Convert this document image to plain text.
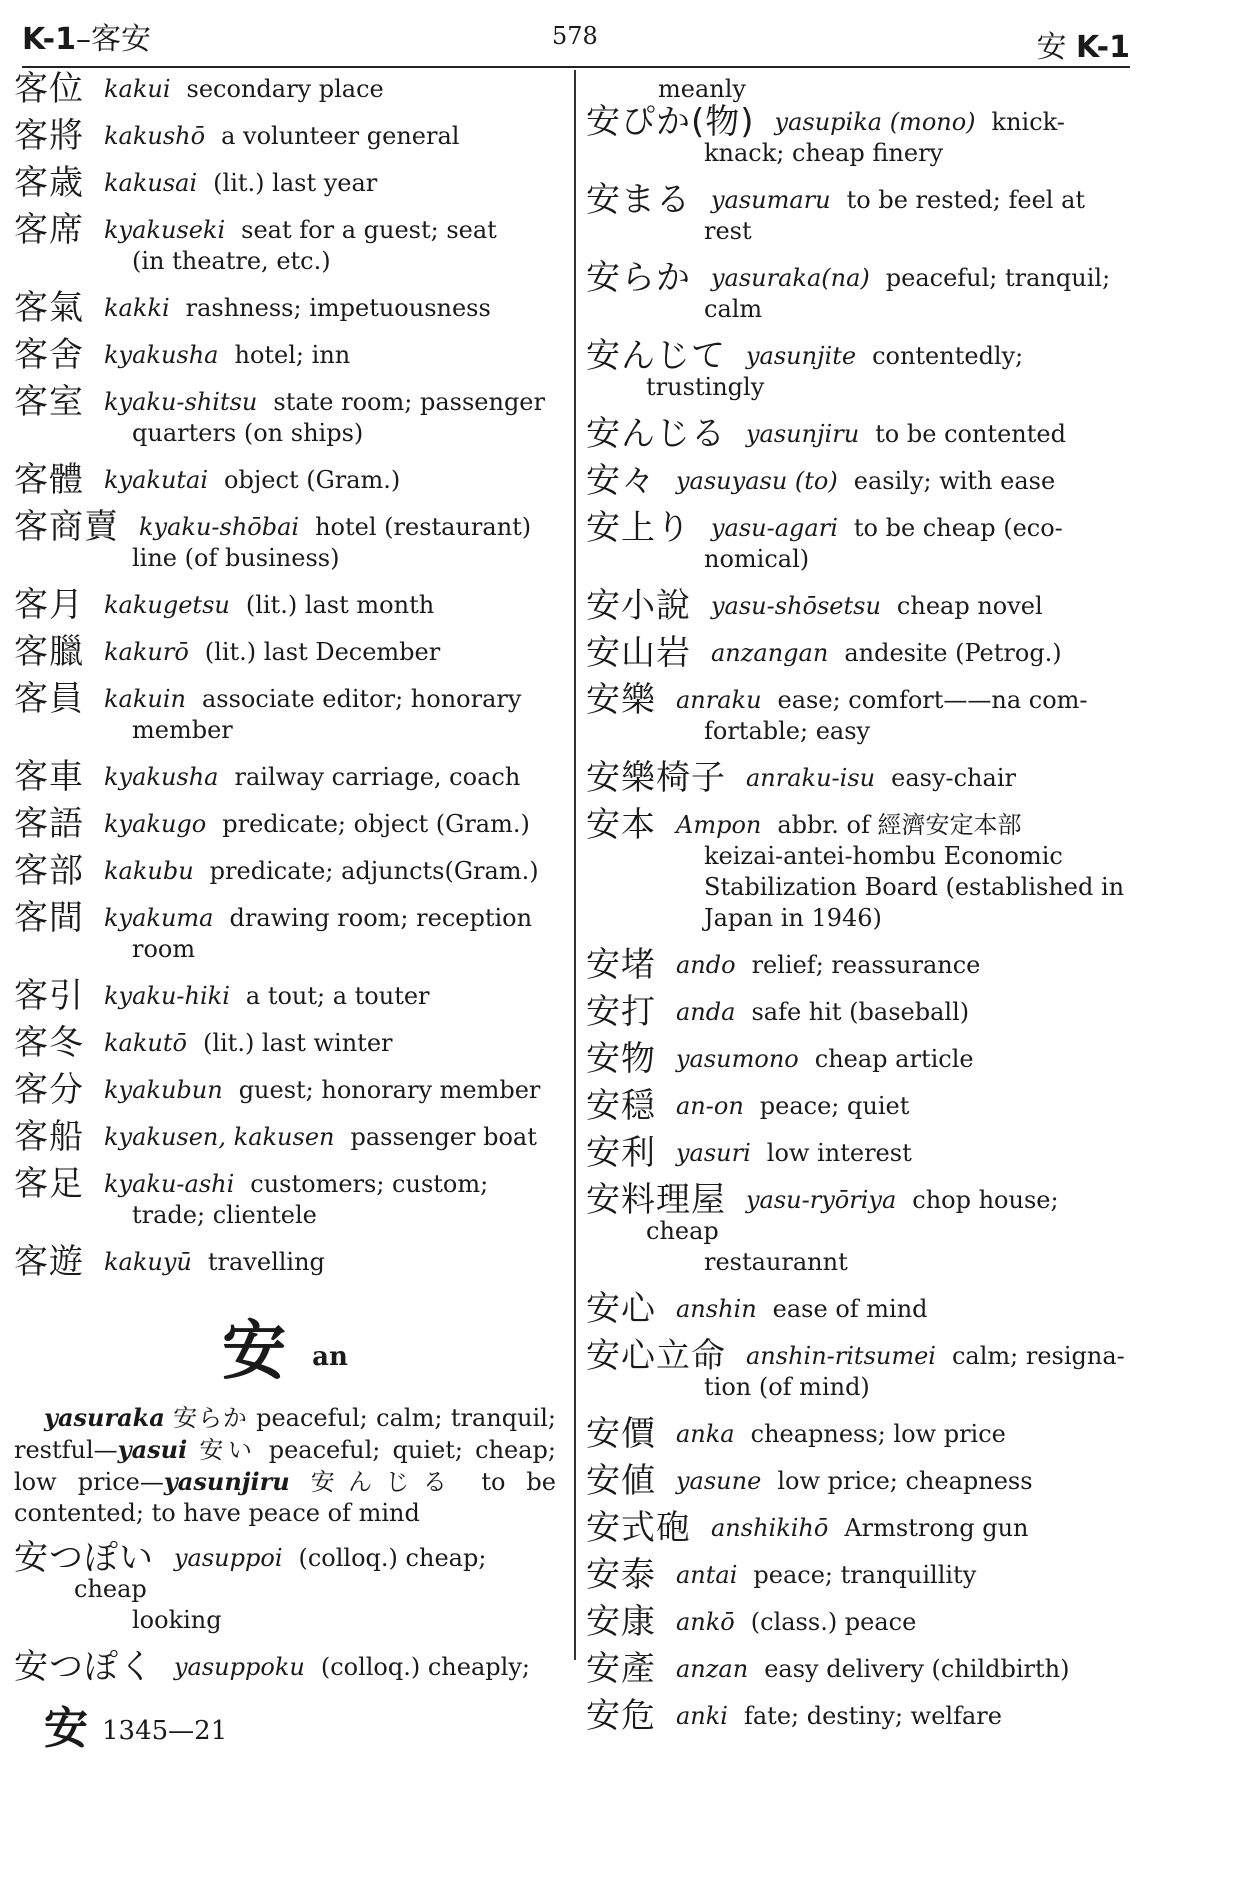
K-1–客安	578	安 K-1

客位 kakui secondary place

客將 kakushō a volunteer general

客歳 kakusai (lit.) last year

客席 kyakuseki seat for a guest; seat
(in theatre, etc.)

客氣 kakki rashness; impetuousness

客舍 kyakusha hotel; inn

客室 kyaku-shitsu state room; passenger
quarters (on ships)

客體 kyakutai object (Gram.)

客商賣 kyaku-shōbai hotel (restaurant)
line (of business)

客月 kakugetsu (lit.) last month

客臘 kakurō (lit.) last December

客員 kakuin associate editor; honorary
member

客車 kyakusha railway carriage, coach

客語 kyakugo predicate; object (Gram.)

客部 kakubu predicate; adjuncts(Gram.)

客間 kyakuma drawing room; reception
room

客引 kyaku-hiki a tout; a touter

客冬 kakutō (lit.) last winter

客分 kyakubun guest; honorary member

客船 kyakusen, kakusen passenger boat

客足 kyaku-ashi customers; custom;
trade; clientele

客遊 kakuyū travelling

安 an

yasuraka 安らか peaceful; calm; tranquil; restful—yasui 安い peaceful; quiet; cheap; low price—yasunjiru 安んじる to be contented; to have peace of mind

安つぽい yasuppoi (colloq.) cheap; cheap
looking

安つぽく yasuppoku (colloq.) cheaply;

meanly

安ぴか(物) yasupika (mono) knick-
knack; cheap finery

安まる yasumaru to be rested; feel at
rest

安らか yasuraka(na) peaceful; tranquil;
calm

安んじて yasunjite contentedly; trustingly

安んじる yasunjiru to be contented

安々 yasuyasu (to) easily; with ease

安上り yasu-agari to be cheap (eco-
nomical)

安小說 yasu-shōsetsu cheap novel

安山岩 anzangan andesite (Petrog.)

安樂 anraku ease; comfort——na com-
fortable; easy

安樂椅子 anraku-isu easy-chair

安本 Ampon abbr. of 經濟安定本部
keizai-antei-hombu Economic Stabilization Board (established in Japan in 1946)

安堵 ando relief; reassurance

安打 anda safe hit (baseball)

安物 yasumono cheap article

安穏 an-on peace; quiet

安利 yasuri low interest

安料理屋 yasu-ryōriya chop house; cheap
restaurannt

安心 anshin ease of mind

安心立命 anshin-ritsumei calm; resigna-
tion (of mind)

安價 anka cheapness; low price

安値 yasune low price; cheapness

安式砲 anshikihō Armstrong gun

安泰 antai peace; tranquillity

安康 ankō (class.) peace

安產 anzan easy delivery (childbirth)

安危 anki fate; destiny; welfare

安 1345—21
